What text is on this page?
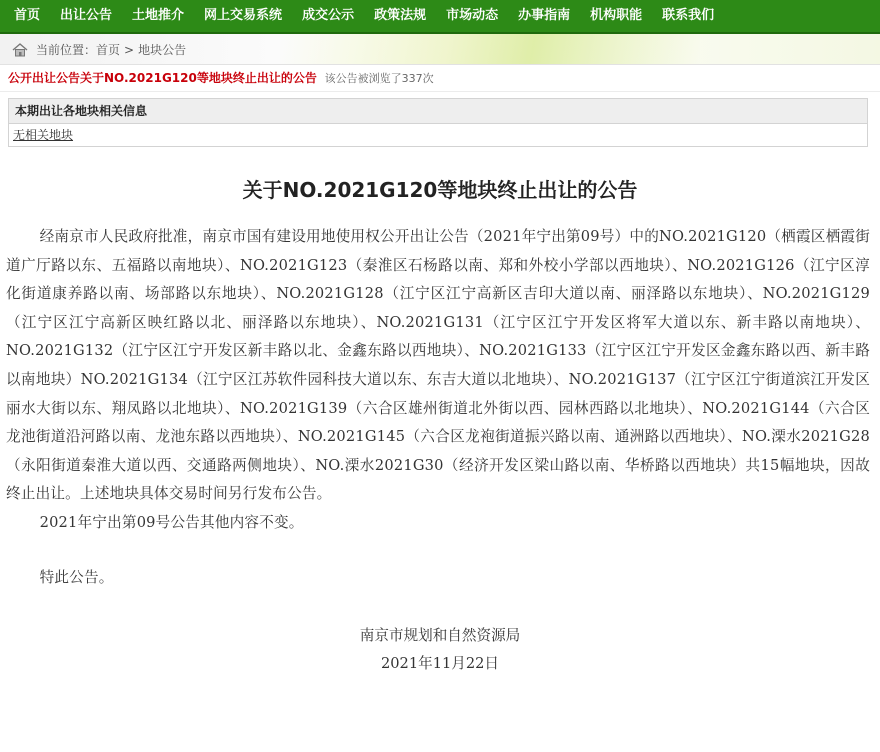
首页	出让公告	土地推介	网上交易系统	成交公示	政策法规	市场动态	办事指南	机构职能	联系我们
当前位置： 首页 > 地块公告
公开出让公告关于NO.2021G120等地块终止出让的公告 该公告被浏览了337次
本期出让各地块相关信息
无相关地块
关于NO.2021G120等地块终止出让的公告

经南京市人民政府批准，南京市国有建设用地使用权公开出让公告（2021年宁出第09号）中的NO.2021G120（栖霞区栖霞街道广厅路以东、五福路以南地块）、NO.2021G123（秦淮区石杨路以南、郑和外校小学部以西地块）、NO.2021G126（江宁区淳化街道康养路以南、场部路以东地块）、NO.2021G128（江宁区江宁高新区吉印大道以南、丽泽路以东地块）、NO.2021G129（江宁区江宁高新区映红路以北、丽泽路以东地块）、NO.2021G131（江宁区江宁开发区将军大道以东、新丰路以南地块）、NO.2021G132（江宁区江宁开发区新丰路以北、金鑫东路以西地块）、NO.2021G133（江宁区江宁开发区金鑫东路以西、新丰路以南地块）NO.2021G134（江宁区江苏软件园科技大道以东、东吉大道以北地块）、NO.2021G137（江宁区江宁街道滨江开发区丽水大街以东、翔凤路以北地块）、NO.2021G139（六合区雄州街道北外街以西、园林西路以北地块）、NO.2021G144（六合区龙池街道沿河路以南、龙池东路以西地块）、NO.2021G145（六合区龙袍街道振兴路以南、通洲路以西地块）、NO.溧水2021G28（永阳街道秦淮大道以西、交通路两侧地块）、NO.溧水2021G30（经济开发区梁山路以南、华桥路以西地块）共15幅地块，因故终止出让。上述地块具体交易时间另行发布公告。

2021年宁出第09号公告其他内容不变。

特此公告。

南京市规划和自然资源局
2021年11月22日
